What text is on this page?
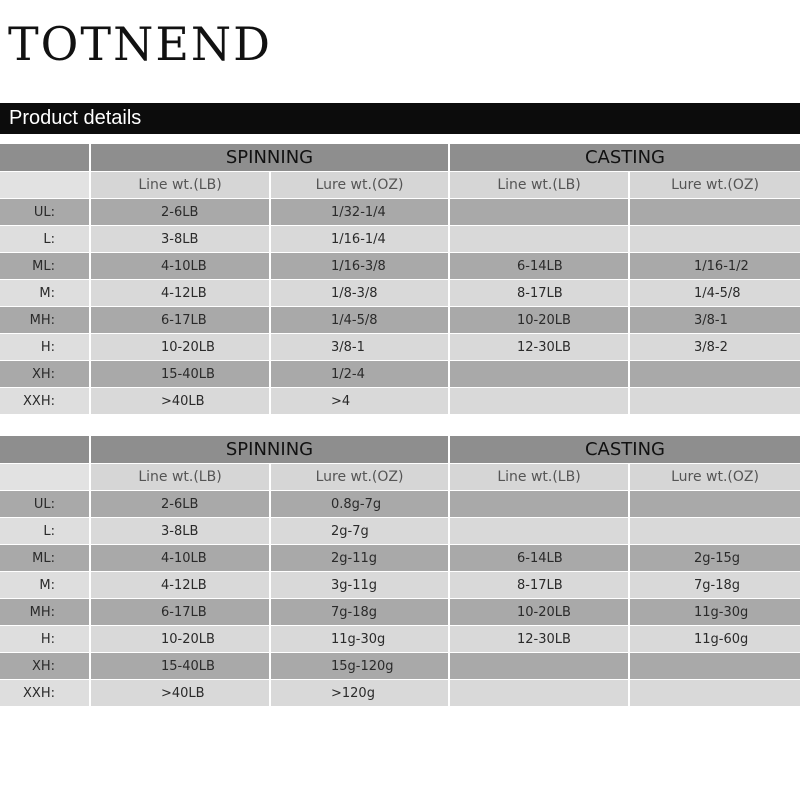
TOTNEND
Product details
SPINNING	CASTING
Line wt.(LB)	Lure wt.(OZ)	Line wt.(LB)	Lure wt.(OZ)
UL:	2-6LB	1/32-1/4
L:	3-8LB	1/16-1/4
ML:	4-10LB	1/16-3/8	6-14LB	1/16-1/2
M:	4-12LB	1/8-3/8	8-17LB	1/4-5/8
MH:	6-17LB	1/4-5/8	10-20LB	3/8-1
H:	10-20LB	3/8-1	12-30LB	3/8-2
XH:	15-40LB	1/2-4
XXH:	>40LB	>4
SPINNING	CASTING
Line wt.(LB)	Lure wt.(OZ)	Line wt.(LB)	Lure wt.(OZ)
UL:	2-6LB	0.8g-7g
L:	3-8LB	2g-7g
ML:	4-10LB	2g-11g	6-14LB	2g-15g
M:	4-12LB	3g-11g	8-17LB	7g-18g
MH:	6-17LB	7g-18g	10-20LB	11g-30g
H:	10-20LB	11g-30g	12-30LB	11g-60g
XH:	15-40LB	15g-120g
XXH:	>40LB	>120g
